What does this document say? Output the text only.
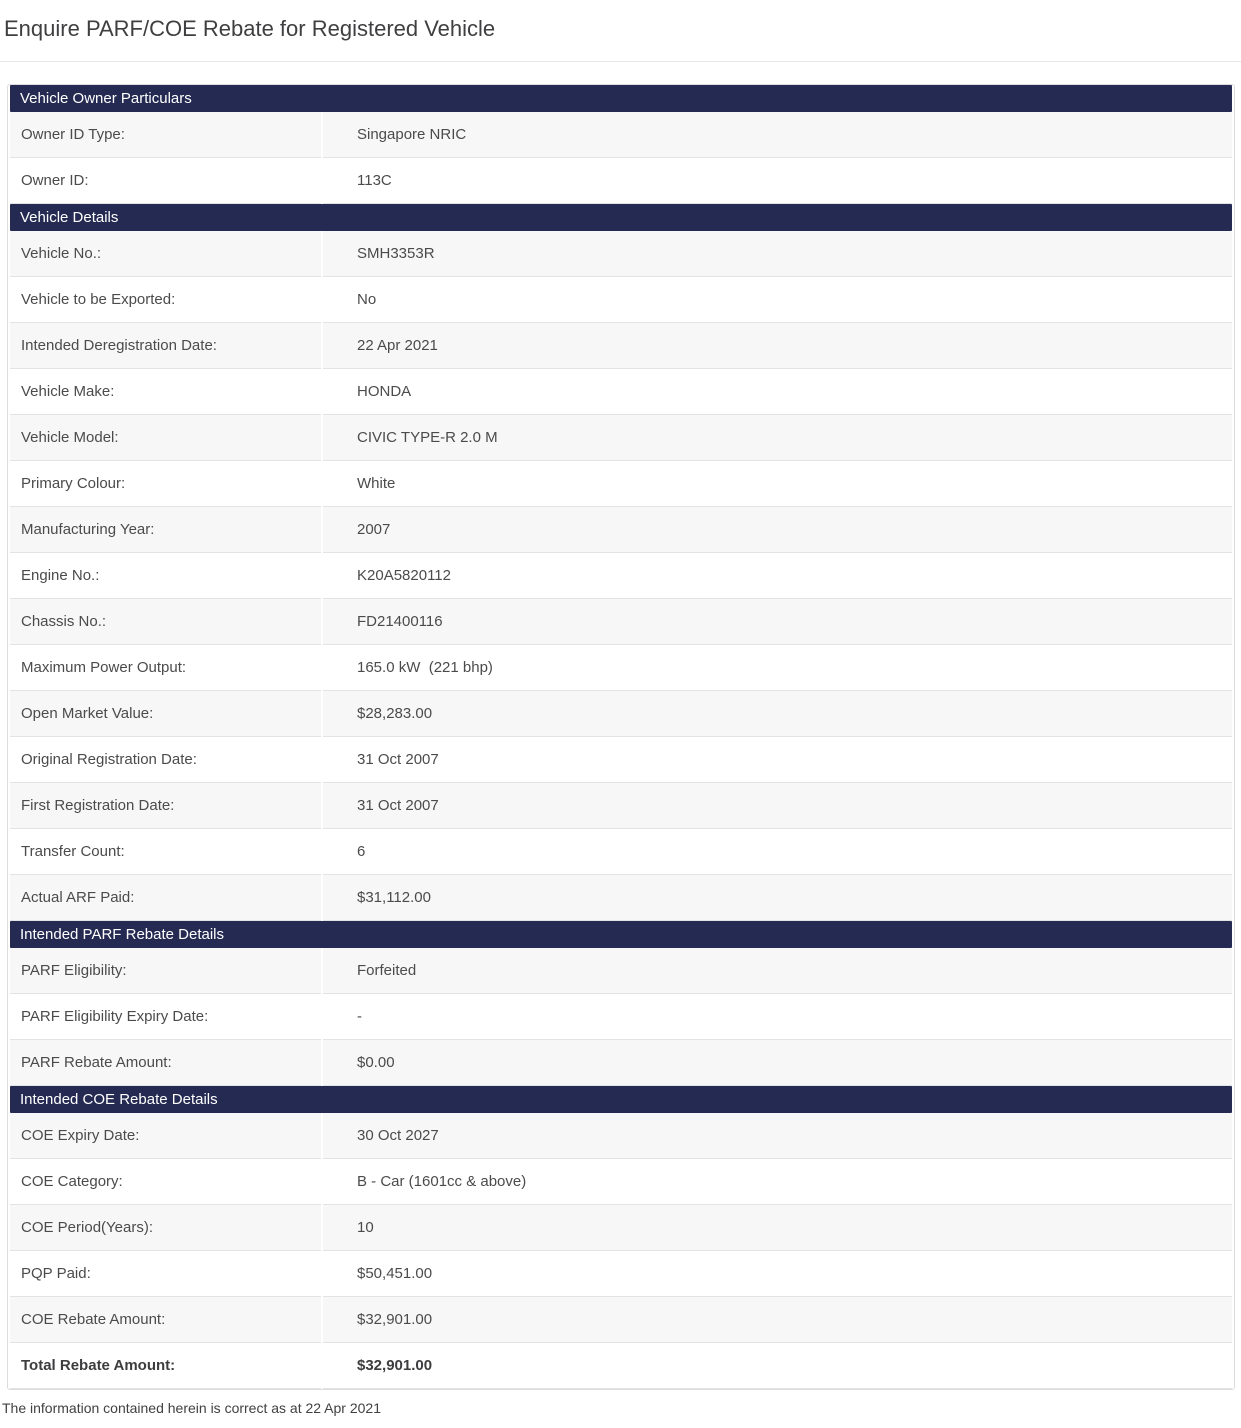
Enquire PARF/COE Rebate for Registered Vehicle
Vehicle Owner Particulars	
Owner ID Type:	Singapore NRIC
Owner ID:	113C
Vehicle Details	
Vehicle No.:	SMH3353R
Vehicle to be Exported:	No
Intended Deregistration Date:	22 Apr 2021
Vehicle Make:	HONDA
Vehicle Model:	CIVIC TYPE-R 2.0 M
Primary Colour:	White
Manufacturing Year:	2007
Engine No.:	K20A5820112
Chassis No.:	FD21400116
Maximum Power Output:	165.0 kW  (221 bhp)
Open Market Value:	$28,283.00
Original Registration Date:	31 Oct 2007
First Registration Date:	31 Oct 2007
Transfer Count:	6
Actual ARF Paid:	$31,112.00
Intended PARF Rebate Details	
PARF Eligibility:	Forfeited
PARF Eligibility Expiry Date:	-
PARF Rebate Amount:	$0.00
Intended COE Rebate Details	
COE Expiry Date:	30 Oct 2027
COE Category:	B - Car (1601cc & above)
COE Period(Years):	10
PQP Paid:	$50,451.00
COE Rebate Amount:	$32,901.00
Total Rebate Amount:	$32,901.00
The information contained herein is correct as at 22 Apr 2021
